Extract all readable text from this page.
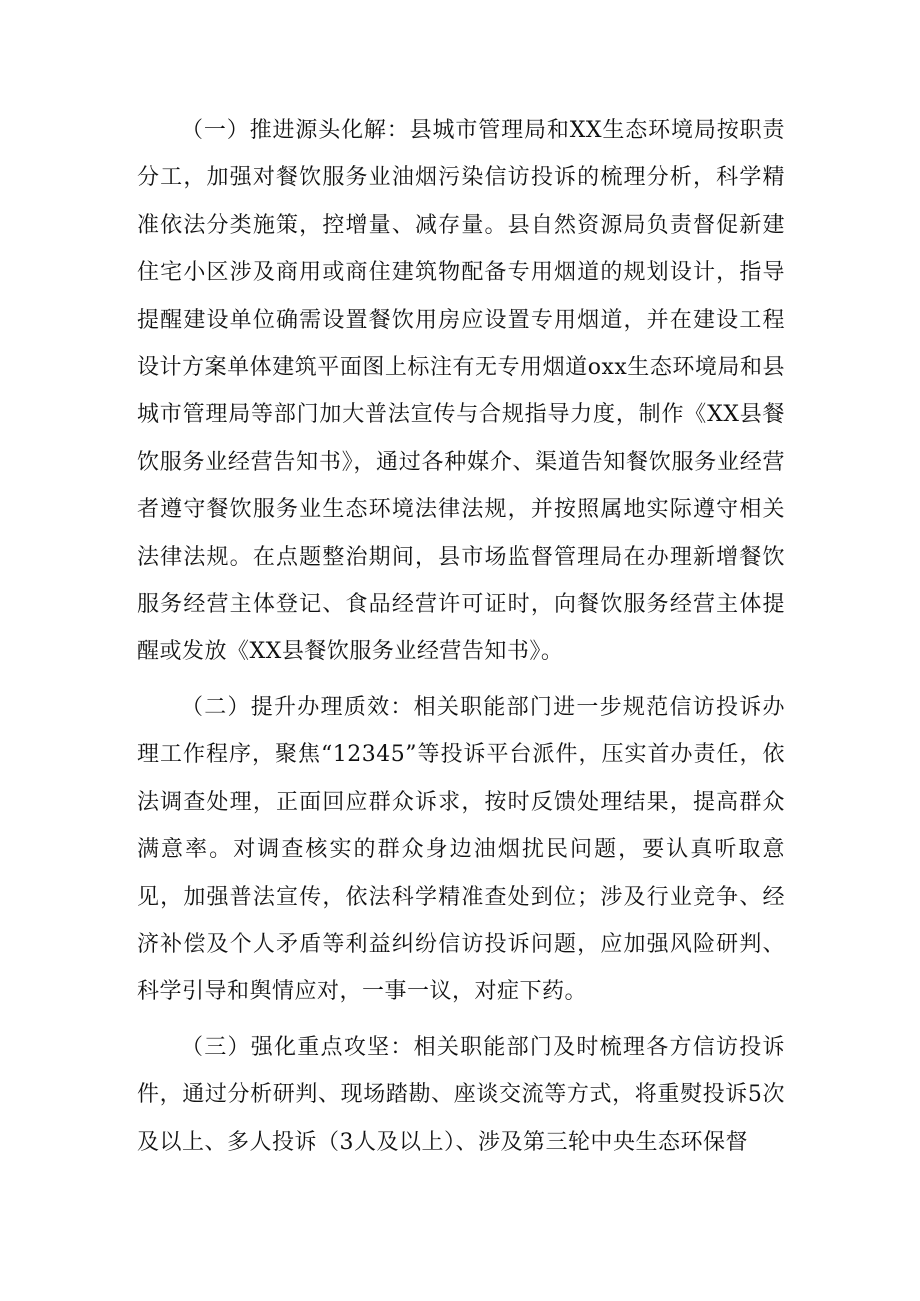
（一）推进源头化解：县城市管理局和XX生态环境局按职责分工，加强对餐饮服务业油烟污染信访投诉的梳理分析，科学精准依法分类施策，控增量、减存量。县自然资源局负责督促新建住宅小区涉及商用或商住建筑物配备专用烟道的规划设计，指导提醒建设单位确需设置餐饮用房应设置专用烟道，并在建设工程设计方案单体建筑平面图上标注有无专用烟道oxx生态环境局和县城市管理局等部门加大普法宣传与合规指导力度，制作《XX县餐饮服务业经营告知书》，通过各种媒介、渠道告知餐饮服务业经营者遵守餐饮服务业生态环境法律法规，并按照属地实际遵守相关法律法规。在点题整治期间，县市场监督管理局在办理新增餐饮服务经营主体登记、食品经营许可证时，向餐饮服务经营主体提醒或发放《XX县餐饮服务业经营告知书》。

（二）提升办理质效：相关职能部门进一步规范信访投诉办理工作程序，聚焦“12345”等投诉平台派件，压实首办责任，依法调查处理，正面回应群众诉求，按时反馈处理结果，提高群众满意率。对调查核实的群众身边油烟扰民问题，要认真听取意见，加强普法宣传，依法科学精准查处到位；涉及行业竞争、经济补偿及个人矛盾等利益纠纷信访投诉问题，应加强风险研判、科学引导和舆情应对，一事一议，对症下药。

（三）强化重点攻坚：相关职能部门及时梳理各方信访投诉件，通过分析研判、现场踏勘、座谈交流等方式，将重熨投诉5次及以上、多人投诉（3人及以上）、涉及第三轮中央生态环保督
